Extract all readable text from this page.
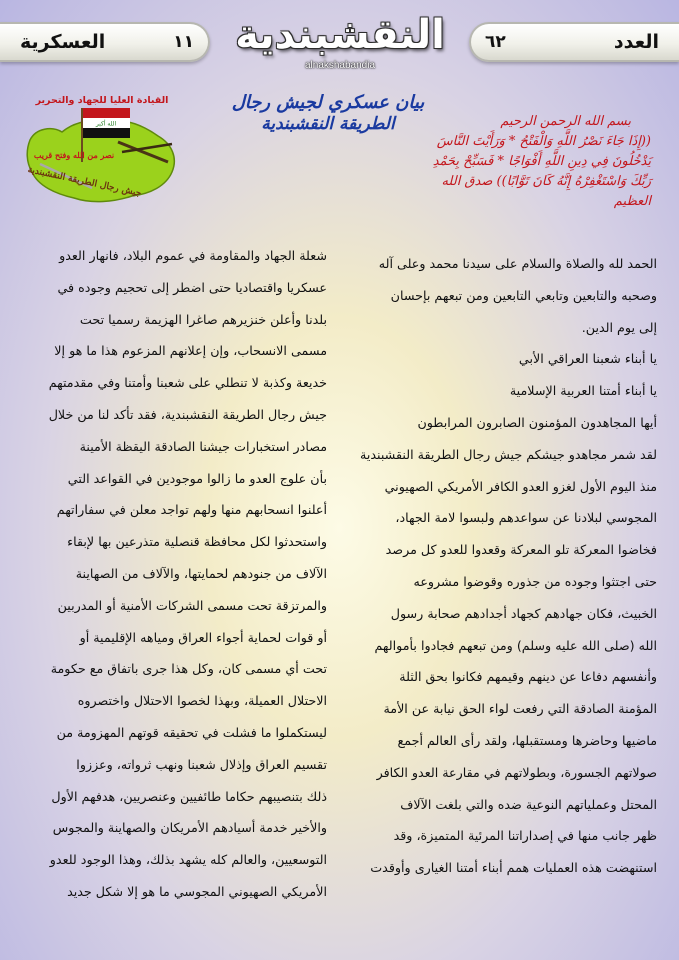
العسكرية	١١	٦٢	العدد
النقشبندية
alnakshabandia
القيادة العليا للجهاد والتحرير
الله أكبر
نصر من الله وفتح قريب
جيش رجال الطريقة النقشبندية
بيان عسكري لجيش رجال
الطريقة النقشبندية	بسم الله الرحمن الرحيم
((إِذَا جَاءَ نَصْرُ اللَّهِ وَالْفَتْحُ * وَرَأَيْتَ النَّاسَ
يَدْخُلُونَ فِي دِينِ اللَّهِ أَفْوَاجًا * فَسَبِّحْ بِحَمْدِ
رَبِّكَ وَاسْتَغْفِرْهُ إِنَّهُ كَانَ تَوَّابًا)) صدق الله العظيم

الحمد لله والصلاة والسلام على سيدنا محمد وعلى آله

وصحبه والتابعين وتابعي التابعين ومن تبعهم بإحسان

إلى يوم الدين.

يا أبناء شعبنا العراقي الأبي

يا أبناء أمتنا العربية الإسلامية

أيها المجاهدون المؤمنون الصابرون المرابطون

لقد شمر مجاهدو جيشكم جيش رجال الطريقة النقشبندية

منذ اليوم الأول لغزو العدو الكافر الأمريكي الصهيوني

المجوسي لبلادنا عن سواعدهم ولبسوا لامة الجهاد،

فخاضوا المعركة تلو المعركة وقعدوا للعدو كل مرصد

حتى اجتثوا وجوده من جذوره وقوضوا مشروعه

الخبيث، فكان جهادهم كجهاد أجدادهم صحابة رسول

الله (صلى الله عليه وسلم) ومن تبعهم فجادوا بأموالهم

وأنفسهم دفاعا عن دينهم وقيمهم فكانوا بحق الثلة

المؤمنة الصادقة التي رفعت لواء الحق نيابة عن الأمة

ماضيها وحاضرها ومستقبلها، ولقد رأى العالم أجمع

صولاتهم الجسورة، وبطولاتهم في مقارعة العدو الكافر

المحتل وعملياتهم النوعية ضده والتي بلغت الآلاف

ظهر جانب منها في إصداراتنا المرئية المتميزة، وقد

استنهضت هذه العمليات همم أبناء أمتنا الغيارى وأوقدت

شعلة الجهاد والمقاومة في عموم البلاد، فانهار العدو

عسكريا واقتصاديا حتى اضطر إلى تحجيم وجوده في

بلدنا وأعلن خنزيرهم صاغرا الهزيمة رسميا تحت

مسمى الانسحاب، وإن إعلانهم المزعوم هذا ما هو إلا

خديعة وكذبة لا تنطلي على شعبنا وأمتنا وفي مقدمتهم

جيش رجال الطريقة النقشبندية، فقد تأكد لنا من خلال

مصادر استخبارات جيشنا الصادقة اليقظة الأمينة

بأن علوج العدو ما زالوا موجودين في القواعد التي

أعلنوا انسحابهم منها ولهم تواجد معلن في سفاراتهم

واستحدثوا لكل محافظة قنصلية متذرعين بها لإبقاء

الآلاف من جنودهم لحمايتها، والآلاف من الصهاينة

والمرتزقة تحت مسمى الشركات الأمنية أو المدربين

أو قوات لحماية أجواء العراق ومياهه الإقليمية أو

تحت أي مسمى كان، وكل هذا جرى باتفاق مع حكومة

الاحتلال العميلة، وبهذا لخصوا الاحتلال واختصروه

ليستكملوا ما فشلت في تحقيقه قوتهم المهزومة من

تقسيم العراق وإذلال شعبنا ونهب ثرواته، وعززوا

ذلك بتنصيبهم حكاما طائفيين وعنصريين، هدفهم الأول

والأخير خدمة أسيادهم الأمريكان والصهاينة والمجوس

التوسعيين، والعالم كله يشهد بذلك، وهذا الوجود للعدو

الأمريكي الصهيوني المجوسي ما هو إلا شكل جديد
